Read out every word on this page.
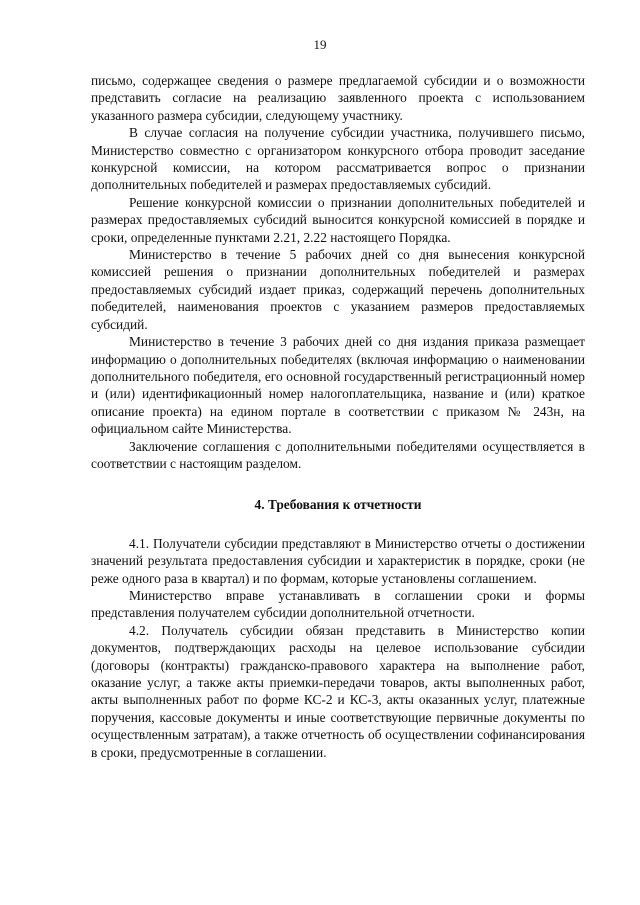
19

письмо, содержащее сведения о размере предлагаемой субсидии и о возможности представить согласие на реализацию заявленного проекта с использованием указанного размера субсидии, следующему участнику.

В случае согласия на получение субсидии участника, получившего письмо, Министерство совместно с организатором конкурсного отбора проводит заседание конкурсной комиссии, на котором рассматривается вопрос о признании дополнительных победителей и размерах предоставляемых субсидий.

Решение конкурсной комиссии о признании дополнительных победителей и размерах предоставляемых субсидий выносится конкурсной комиссией в порядке и сроки, определенные пунктами 2.21, 2.22 настоящего Порядка.

Министерство в течение 5 рабочих дней со дня вынесения конкурсной комиссией решения о признании дополнительных победителей и размерах предоставляемых субсидий издает приказ, содержащий перечень дополнительных победителей, наименования проектов с указанием размеров предоставляемых субсидий.

Министерство в течение 3 рабочих дней со дня издания приказа размещает информацию о дополнительных победителях (включая информацию о наименовании дополнительного победителя, его основной государственный регистрационный номер и (или) идентификационный номер налогоплательщика, название и (или) краткое описание проекта) на едином портале в соответствии с приказом № 243н, на официальном сайте Министерства.

Заключение соглашения с дополнительными победителями осуществляется в соответствии с настоящим разделом.

4. Требования к отчетности

4.1. Получатели субсидии представляют в Министерство отчеты о достижении значений результата предоставления субсидии и характеристик в порядке, сроки (не реже одного раза в квартал) и по формам, которые установлены соглашением.

Министерство вправе устанавливать в соглашении сроки и формы представления получателем субсидии дополнительной отчетности.

4.2. Получатель субсидии обязан представить в Министерство копии документов, подтверждающих расходы на целевое использование субсидии (договоры (контракты) гражданско-правового характера на выполнение работ, оказание услуг, а также акты приемки-передачи товаров, акты выполненных работ, акты выполненных работ по форме КС-2 и КС-3, акты оказанных услуг, платежные поручения, кассовые документы и иные соответствующие первичные документы по осуществленным затратам), а также отчетность об осуществлении софинансирования в сроки, предусмотренные в соглашении.
